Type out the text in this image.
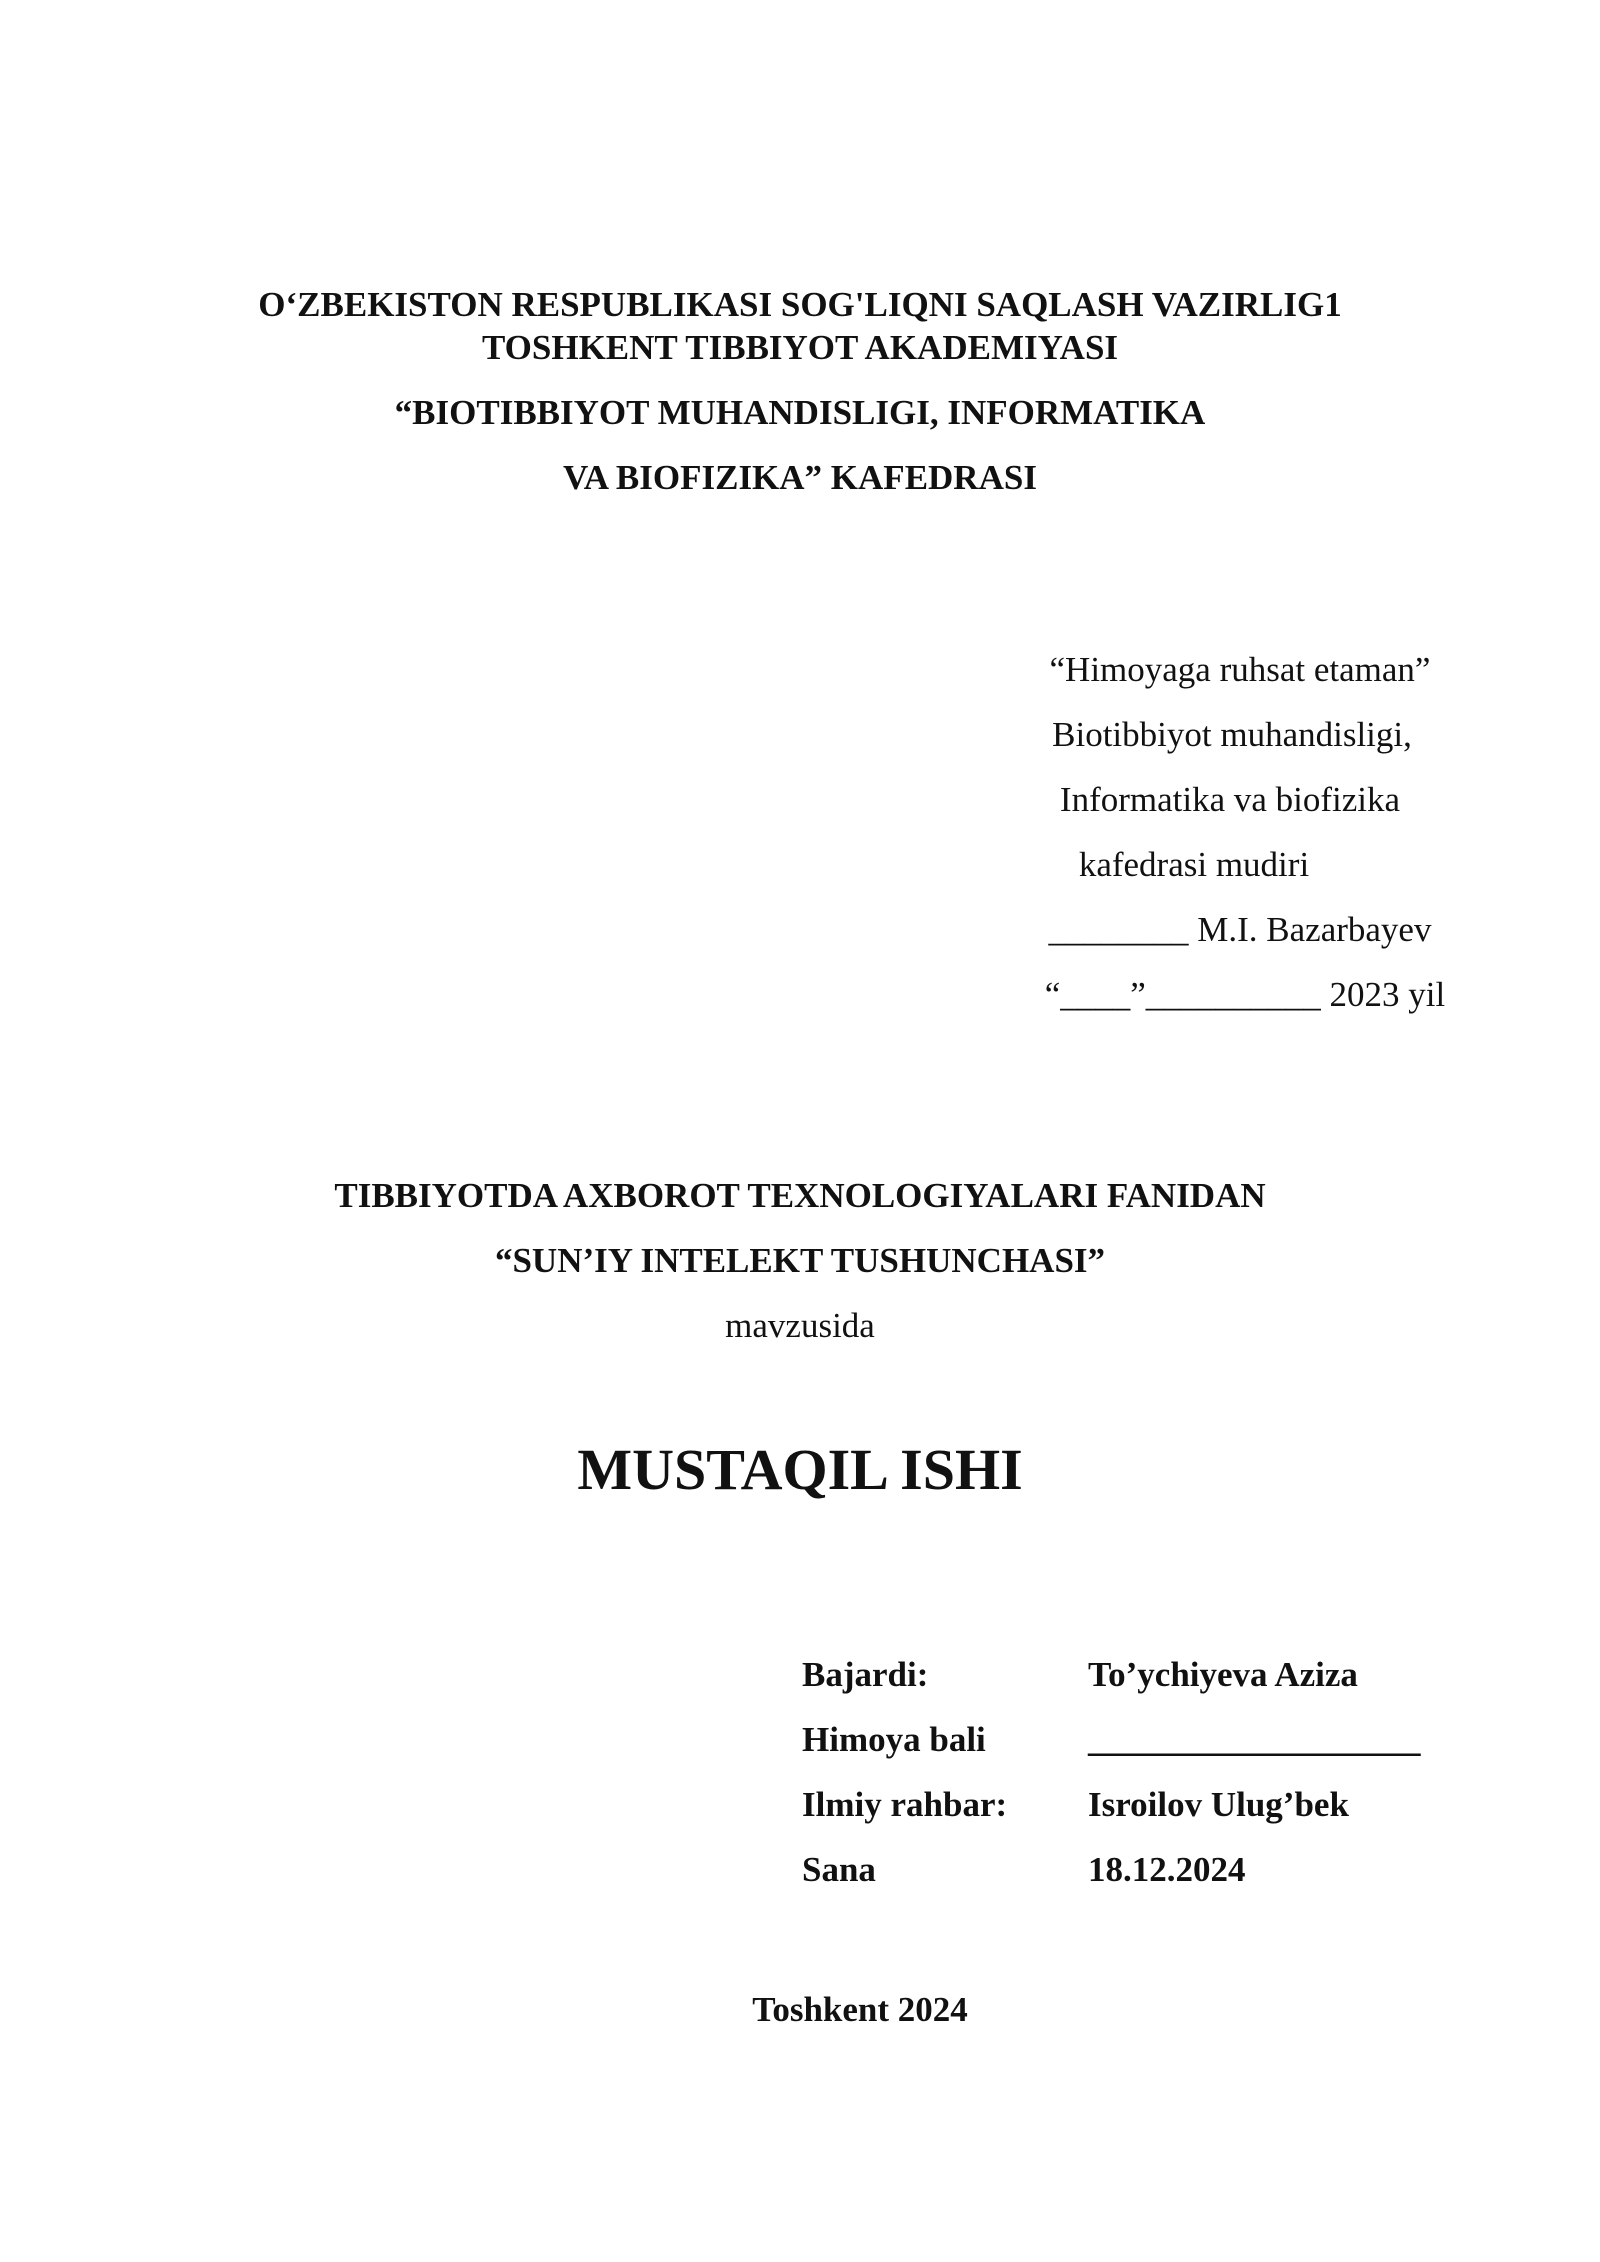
O‘ZBEKISTON RESPUBLIKASI SOG'LIQNI SAQLASH VAZIRLIG1
TOSHKENT TIBBIYOT AKADEMIYASI
“BIOTIBBIYOT MUHANDISLIGI, INFORMATIKA
VA BIOFIZIKA” KAFEDRASI
“Himoyaga ruhsat etaman”
Biotibbiyot muhandisligi,
Informatika va biofizika
kafedrasi mudiri
________ M.I. Bazarbayev
“____”__________ 2023 yil
TIBBIYOTDA AXBOROT TEXNOLOGIYALARI FANIDAN
“SUN’IY INTELEKT TUSHUNCHASI”
mavzusida
MUSTAQIL ISHI
Bajardi:	To’ychiyeva Aziza
Himoya bali	___________________
Ilmiy rahbar: Isroilov Ulug’bek
Sana	18.12.2024
Toshkent 2024
